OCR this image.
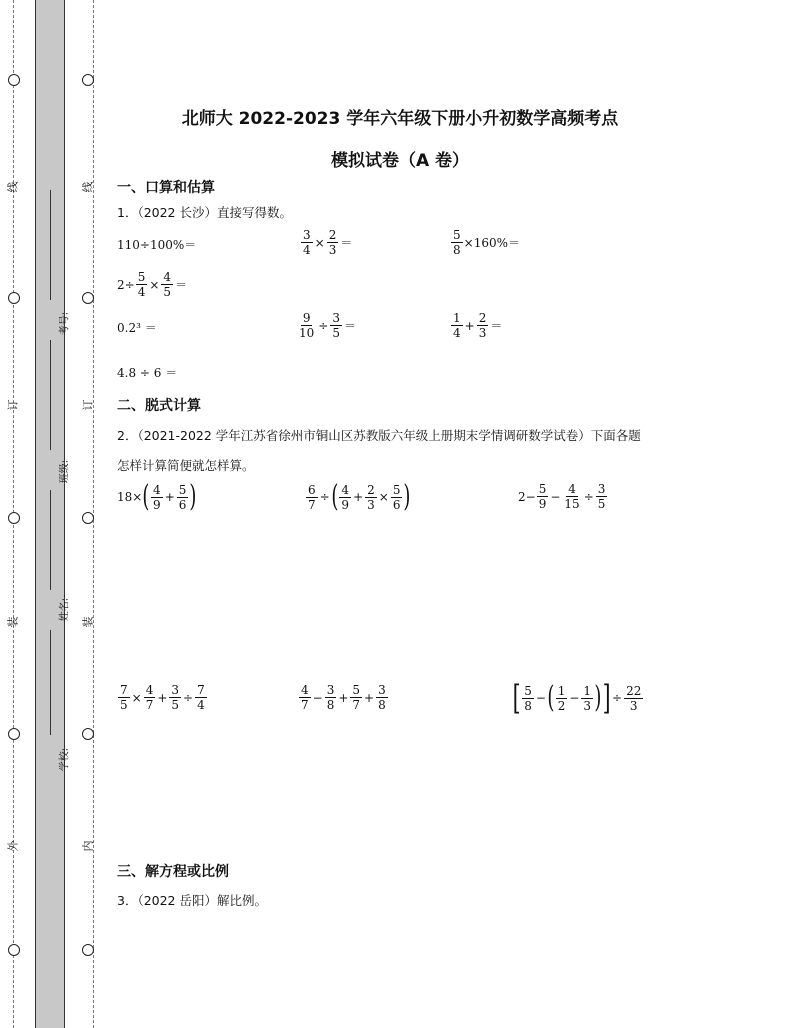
线
订
装
外
线
订
装
内
考号:
班级:
姓名:
学校:
北师大 2022-2023 学年六年级下册小升初数学高频考点
模拟试卷（A 卷）
一、口算和估算
1．（2022 长沙）直接写得数。
110÷100%＝	$\frac{3}{4} \times \frac{2}{3}$ ＝	$\frac{5}{8} \times 160\%=$
$2\div \frac{5}{4} \times \frac{4}{5}$ ＝
0.2³ ＝	$\frac{9}{10} \div \frac{3}{5}$ ＝	$\frac{1}{4} + \frac{2}{3}$ ＝
4.8 ÷ 6 ＝
二、脱式计算
2．（2021-2022 学年江苏省徐州市铜山区苏教版六年级上册期末学情调研数学试卷）下面各题
怎样计算简便就怎样算。
18× ( $\frac{4}{9} + \frac{5}{6}$ )	$\frac{6}{7}$ ÷ ( $\frac{4}{9} + \frac{2}{3} \times \frac{5}{6}$ )	$2- \frac{5}{9} - \frac{4}{15} \div \frac{3}{5}$
$\frac{7}{5} \times \frac{4}{7} + \frac{3}{5} \div \frac{7}{4}$	$\frac{4}{7} - \frac{3}{8} + \frac{5}{7} + \frac{3}{8}$	[ $\frac{5}{8}$ − ( $\frac{1}{2} - \frac{1}{3}$ ) ] ÷ $\frac{22}{3}$
三、解方程或比例
3．（2022 岳阳）解比例。
